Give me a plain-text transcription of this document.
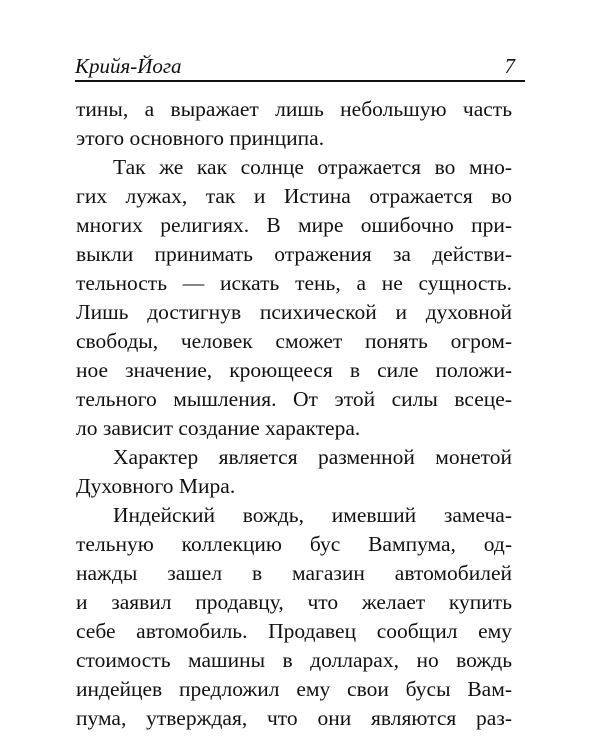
Крийя-Йога	7
тины, а выражает лишь небольшую часть
этого основного принципа.
Так же как солнце отражается во мно-
гих лужах, так и Истина отражается во
многих религиях. В мире ошибочно при-
выкли принимать отражения за действи-
тельность — искать тень, а не сущность.
Лишь достигнув психической и духовной
свободы, человек сможет понять огром-
ное значение, кроющееся в силе положи-
тельного мышления. От этой силы всеце-
ло зависит создание характера.
Характер является разменной монетой
Духовного Мира.
Индейский вождь, имевший замеча-
тельную коллекцию бус Вампума, од-
нажды зашел в магазин автомобилей
и заявил продавцу, что желает купить
себе автомобиль. Продавец сообщил ему
стоимость машины в долларах, но вождь
индейцев предложил ему свои бусы Вам-
пума, утверждая, что они являются раз-
